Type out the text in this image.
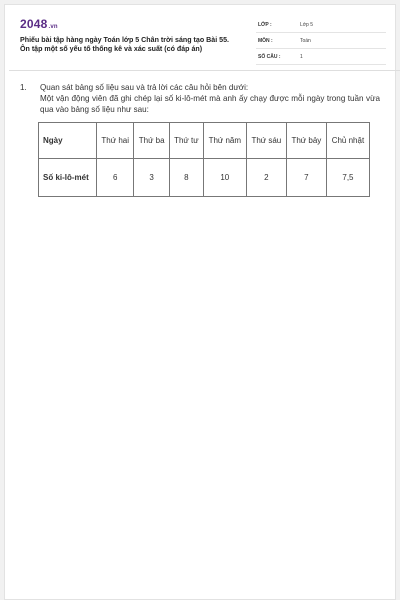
2048.vn
Phiếu bài tập hàng ngày Toán lớp 5 Chân trời sáng tạo Bài 55. Ôn tập một số yếu tố thống kê và xác suất (có đáp án)
LỚP :	Lớp 5
MÔN :	Toán
SỐ CÂU :	1
1. Quan sát bảng số liệu sau và trả lời các câu hỏi bên dưới:

Một vận động viên đã ghi chép lại số ki-lô-mét mà anh ấy chạy được mỗi ngày trong tuần vừa qua vào bảng số liệu như sau:

Ngày	Thứ hai	Thứ ba	Thứ tư	Thứ năm	Thứ sáu	Thứ bảy	Chủ nhật
Số ki-lô-mét	6	3	8	10	2	7	7,5
